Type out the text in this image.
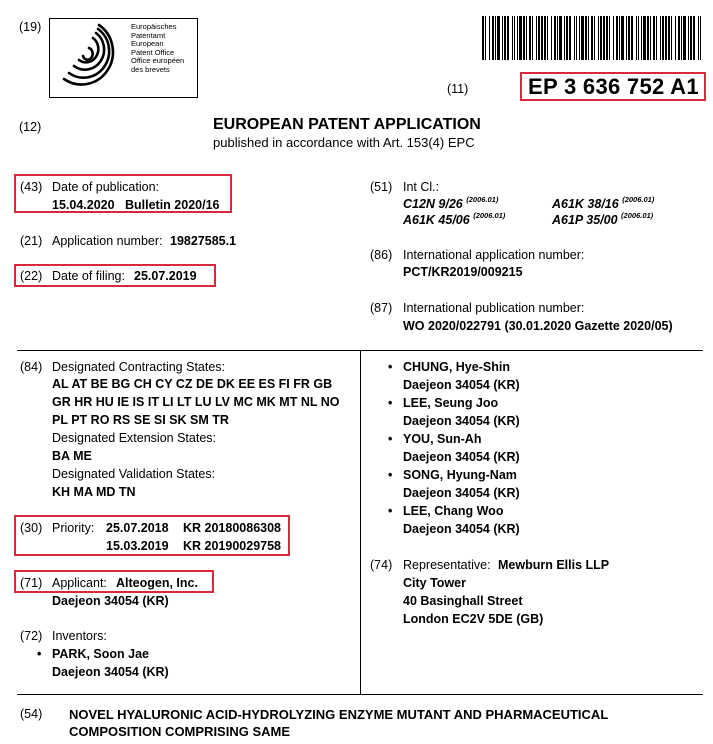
(19)	Europäisches
Patentamt
European
Patent Office
Office européen
des brevets
(11)	EP 3 636 752 A1
(12)	EUROPEAN PATENT APPLICATION
published in accordance with Art. 153(4) EPC
(43) Date of publication:
15.04.2020   Bulletin 2020/16
(21) Application number: 19827585.1
(22) Date of filing: 25.07.2019
(51) Int Cl.:
C12N 9/26 $^{(2006.01)}$	A61K 38/16 $^{(2006.01)}$
A61K 45/06 $^{(2006.01)}$	A61P 35/00 $^{(2006.01)}$
(86) International application number:
PCT/KR2019/009215
(87) International publication number:
WO 2020/022791 (30.01.2020 Gazette 2020/05)
(84) Designated Contracting States:
AL AT BE BG CH CY CZ DE DK EE ES FI FR GB
GR HR HU IE IS IT LI LT LU LV MC MK MT NL NO
PL PT RO RS SE SI SK SM TR
Designated Extension States:
BA ME
Designated Validation States:
KH MA MD TN
(30) Priority: 25.07.2018 KR 20180086308
15.03.2019 KR 20190029758
(71) Applicant: Alteogen, Inc.
Daejeon 34054 (KR)
(72) Inventors:
• PARK, Soon Jae
Daejeon 34054 (KR)
• CHUNG, Hye-Shin
Daejeon 34054 (KR)
• LEE, Seung Joo
Daejeon 34054 (KR)
• YOU, Sun-Ah
Daejeon 34054 (KR)
• SONG, Hyung-Nam
Daejeon 34054 (KR)
• LEE, Chang Woo
Daejeon 34054 (KR)
(74) Representative: Mewburn Ellis LLP
City Tower
40 Basinghall Street
London EC2V 5DE (GB)
(54) NOVEL HYALURONIC ACID-HYDROLYZING ENZYME MUTANT AND PHARMACEUTICAL
COMPOSITION COMPRISING SAME
